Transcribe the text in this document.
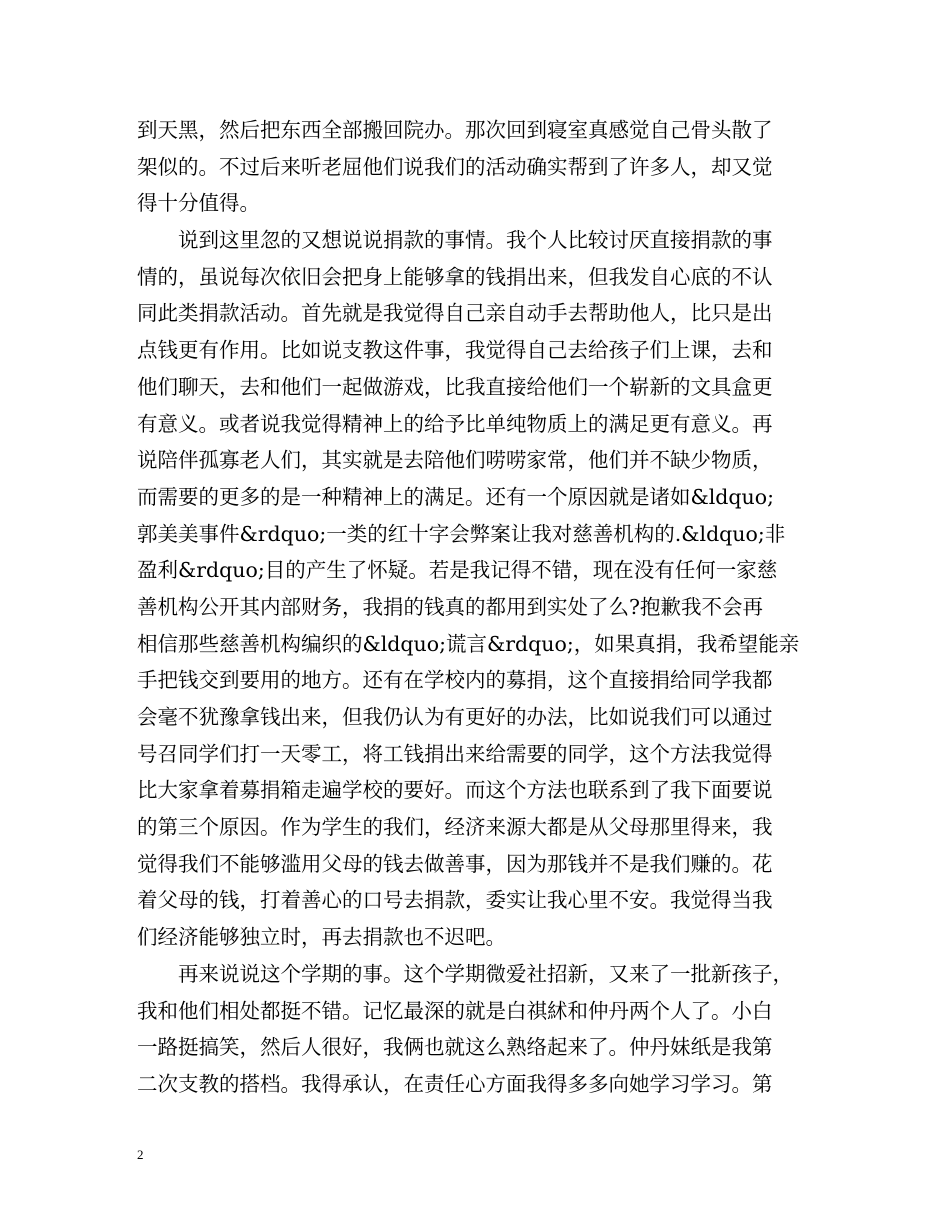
到天黑，然后把东西全部搬回院办。那次回到寝室真感觉自己骨头散了
架似的。不过后来听老屈他们说我们的活动确实帮到了许多人，却又觉
得十分值得。
说到这里忽的又想说说捐款的事情。我个人比较讨厌直接捐款的事
情的，虽说每次依旧会把身上能够拿的钱捐出来，但我发自心底的不认
同此类捐款活动。首先就是我觉得自己亲自动手去帮助他人，比只是出
点钱更有作用。比如说支教这件事，我觉得自己去给孩子们上课，去和
他们聊天，去和他们一起做游戏，比我直接给他们一个崭新的文具盒更
有意义。或者说我觉得精神上的给予比单纯物质上的满足更有意义。再
说陪伴孤寡老人们，其实就是去陪他们唠唠家常，他们并不缺少物质，
而需要的更多的是一种精神上的满足。还有一个原因就是诸如&ldquo;
郭美美事件&rdquo;一类的红十字会弊案让我对慈善机构的.&ldquo;非
盈利&rdquo;目的产生了怀疑。若是我记得不错，现在没有任何一家慈
善机构公开其内部财务，我捐的钱真的都用到实处了么?抱歉我不会再
相信那些慈善机构编织的&ldquo;谎言&rdquo;，如果真捐，我希望能亲
手把钱交到要用的地方。还有在学校内的募捐，这个直接捐给同学我都
会毫不犹豫拿钱出来，但我仍认为有更好的办法，比如说我们可以通过
号召同学们打一天零工，将工钱捐出来给需要的同学，这个方法我觉得
比大家拿着募捐箱走遍学校的要好。而这个方法也联系到了我下面要说
的第三个原因。作为学生的我们，经济来源大都是从父母那里得来，我
觉得我们不能够滥用父母的钱去做善事，因为那钱并不是我们赚的。花
着父母的钱，打着善心的口号去捐款，委实让我心里不安。我觉得当我
们经济能够独立时，再去捐款也不迟吧。
再来说说这个学期的事。这个学期微爱社招新，又来了一批新孩子，
我和他们相处都挺不错。记忆最深的就是白祺絉和仲丹两个人了。小白
一路挺搞笑，然后人很好，我俩也就这么熟络起来了。仲丹妹纸是我第
二次支教的搭档。我得承认，在责任心方面我得多多向她学习学习。第
2
